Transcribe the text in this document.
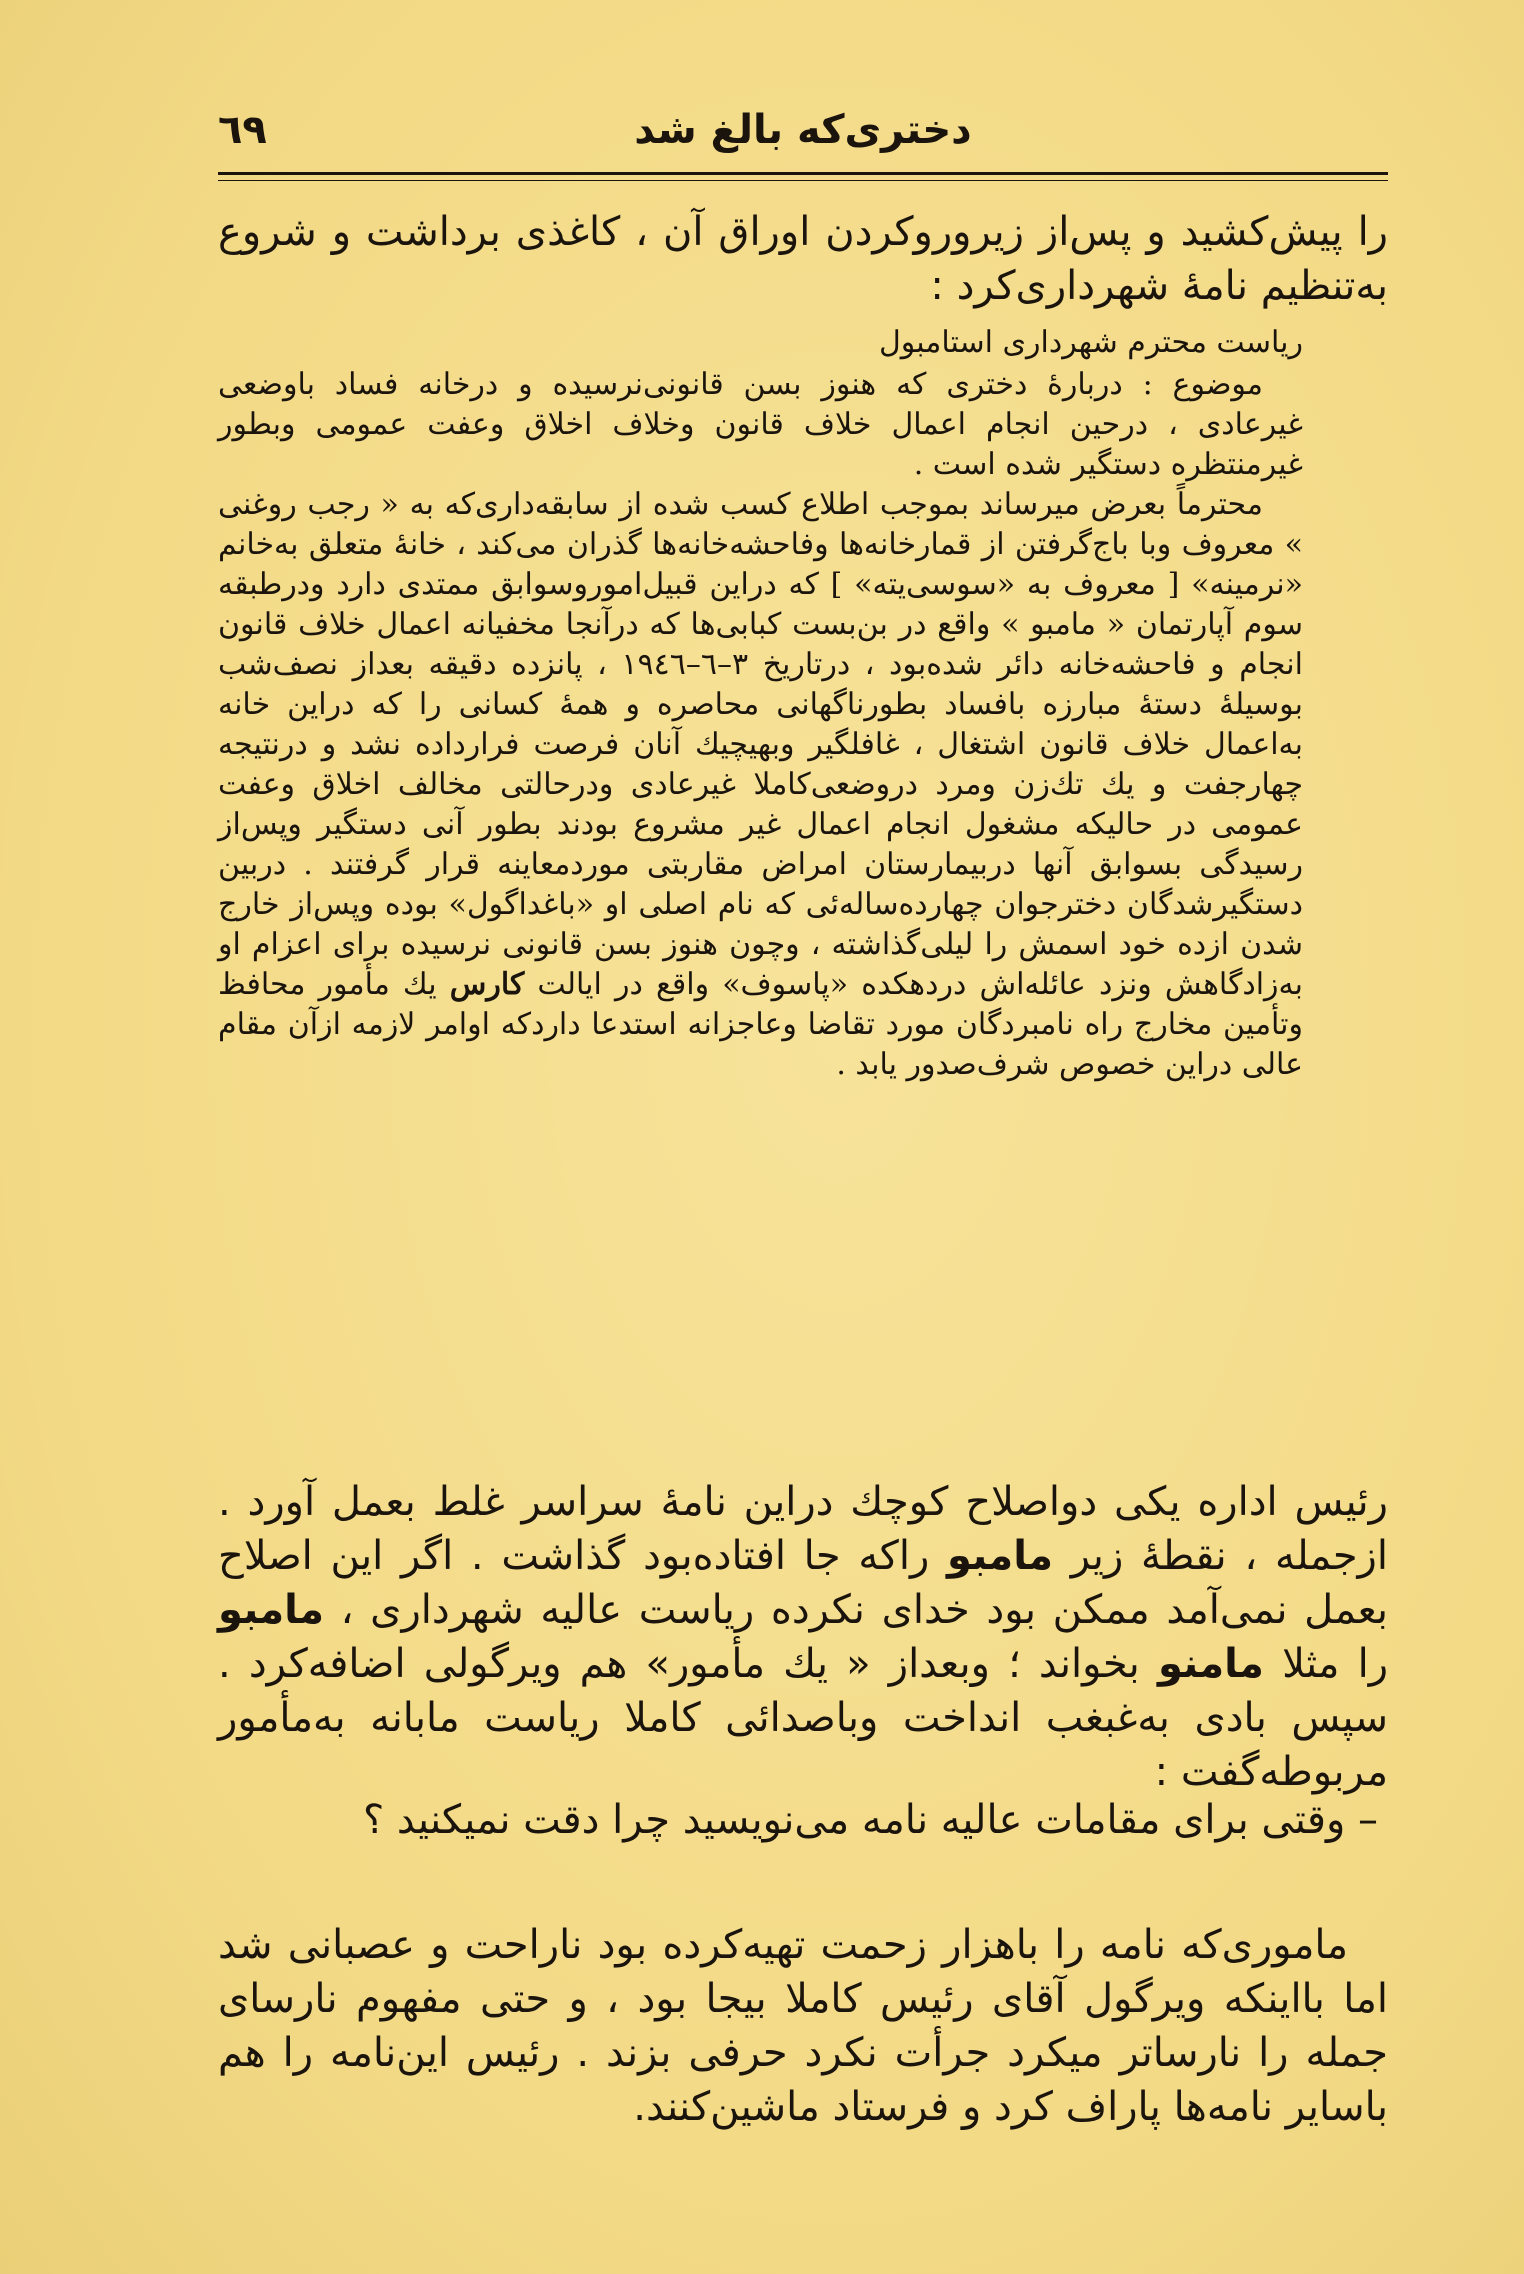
٦٩	دختری‌که بالغ شد

را پیش‌کشید و پس‌از زیروروکردن اوراق آن ، کاغذی برداشت و شروع به‌تنظیم نامهٔ شهرداری‌کرد :

ریاست محترم شهرداری استامبول

موضوع : دربارهٔ دختری که هنوز بسن قانونی‌نرسیده و درخانه فساد باوضعی غیرعادی ، درحین انجام اعمال خلاف قانون وخلاف اخلاق وعفت عمومی وبطور غیرمنتظره دستگیر شده است .

محترماً بعرض میرساند بموجب اطلاع کسب شده از سابقه‌داری‌که به « رجب روغنی » معروف وبا باج‌گرفتن از قمارخانه‌ها وفاحشه‌خانه‌ها گذران می‌کند ، خانهٔ متعلق به‌خانم «نرمینه» [ معروف به «سوسی‌یته» ] که دراین قبیل‌اموروسوابق ممتدی دارد ودرطبقه سوم آپارتمان « مامبو » واقع در بن‌بست کبابی‌ها که درآنجا مخفیانه اعمال خلاف قانون انجام و فاحشه‌خانه دائر شده‌بود ، درتاریخ ٣–٦–١٩٤٦ ، پانزده دقیقه بعداز نصف‌شب بوسیلهٔ دستهٔ مبارزه بافساد بطورناگهانی محاصره و همهٔ کسانی را که دراین خانه به‌اعمال خلاف قانون اشتغال ، غافلگیر وبهیچیك آنان فرصت فرارداده نشد و درنتیجه چهارجفت و یك تك‌زن ومرد دروضعی‌کاملا غیرعادی ودرحالتی مخالف اخلاق وعفت عمومی در حالیکه مشغول انجام اعمال غیر مشروع بودند بطور آنی دستگیر وپس‌از رسیدگی بسوابق آنها دربیمارستان امراض مقاربتی موردمعاینه قرار گرفتند . دربین دستگیرشدگان دخترجوان چهارده‌ساله‌ئی که نام اصلی او «باغداگول» بوده وپس‌از خارج شدن ازده خود اسمش را لیلی‌گذاشته ، وچون هنوز بسن قانونی نرسیده برای اعزام او به‌زادگاهش ونزد عائله‌اش دردهکده «پاسوف» واقع در ایالت کارس یك مأمور محافظ وتأمین مخارج راه نامبردگان مورد تقاضا وعاجزانه استدعا داردکه اوامر لازمه ازآن مقام عالی دراین خصوص شرف‌صدور یابد .

رئیس اداره یکی دواصلاح کوچك دراین نامهٔ سراسر غلط بعمل آورد . ازجمله ، نقطهٔ زیر مامبو راکه جا افتاده‌بود گذاشت . اگر این اصلاح بعمل نمی‌آمد ممکن بود خدای نکرده ریاست عالیه شهرداری ، مامبو را مثلا مامنو بخواند ؛ وبعداز « یك مأمور» هم ویرگولی اضافه‌کرد . سپس بادی به‌غبغب انداخت وباصدائی کاملا ریاست مابانه به‌مأمور مربوطه‌گفت :

– وقتی برای مقامات عالیه نامه می‌نویسید چرا دقت نمیکنید ؟

ماموری‌که نامه را باهزار زحمت تهیه‌کرده بود ناراحت و عصبانی شد اما بااینکه ویرگول آقای رئیس کاملا بیجا بود ، و حتی مفهوم نارسای جمله را نارساتر میکرد جرأت نکرد حرفی بزند . رئیس این‌نامه را هم باسایر نامه‌ها پاراف کرد و فرستاد ماشین‌کنند.
